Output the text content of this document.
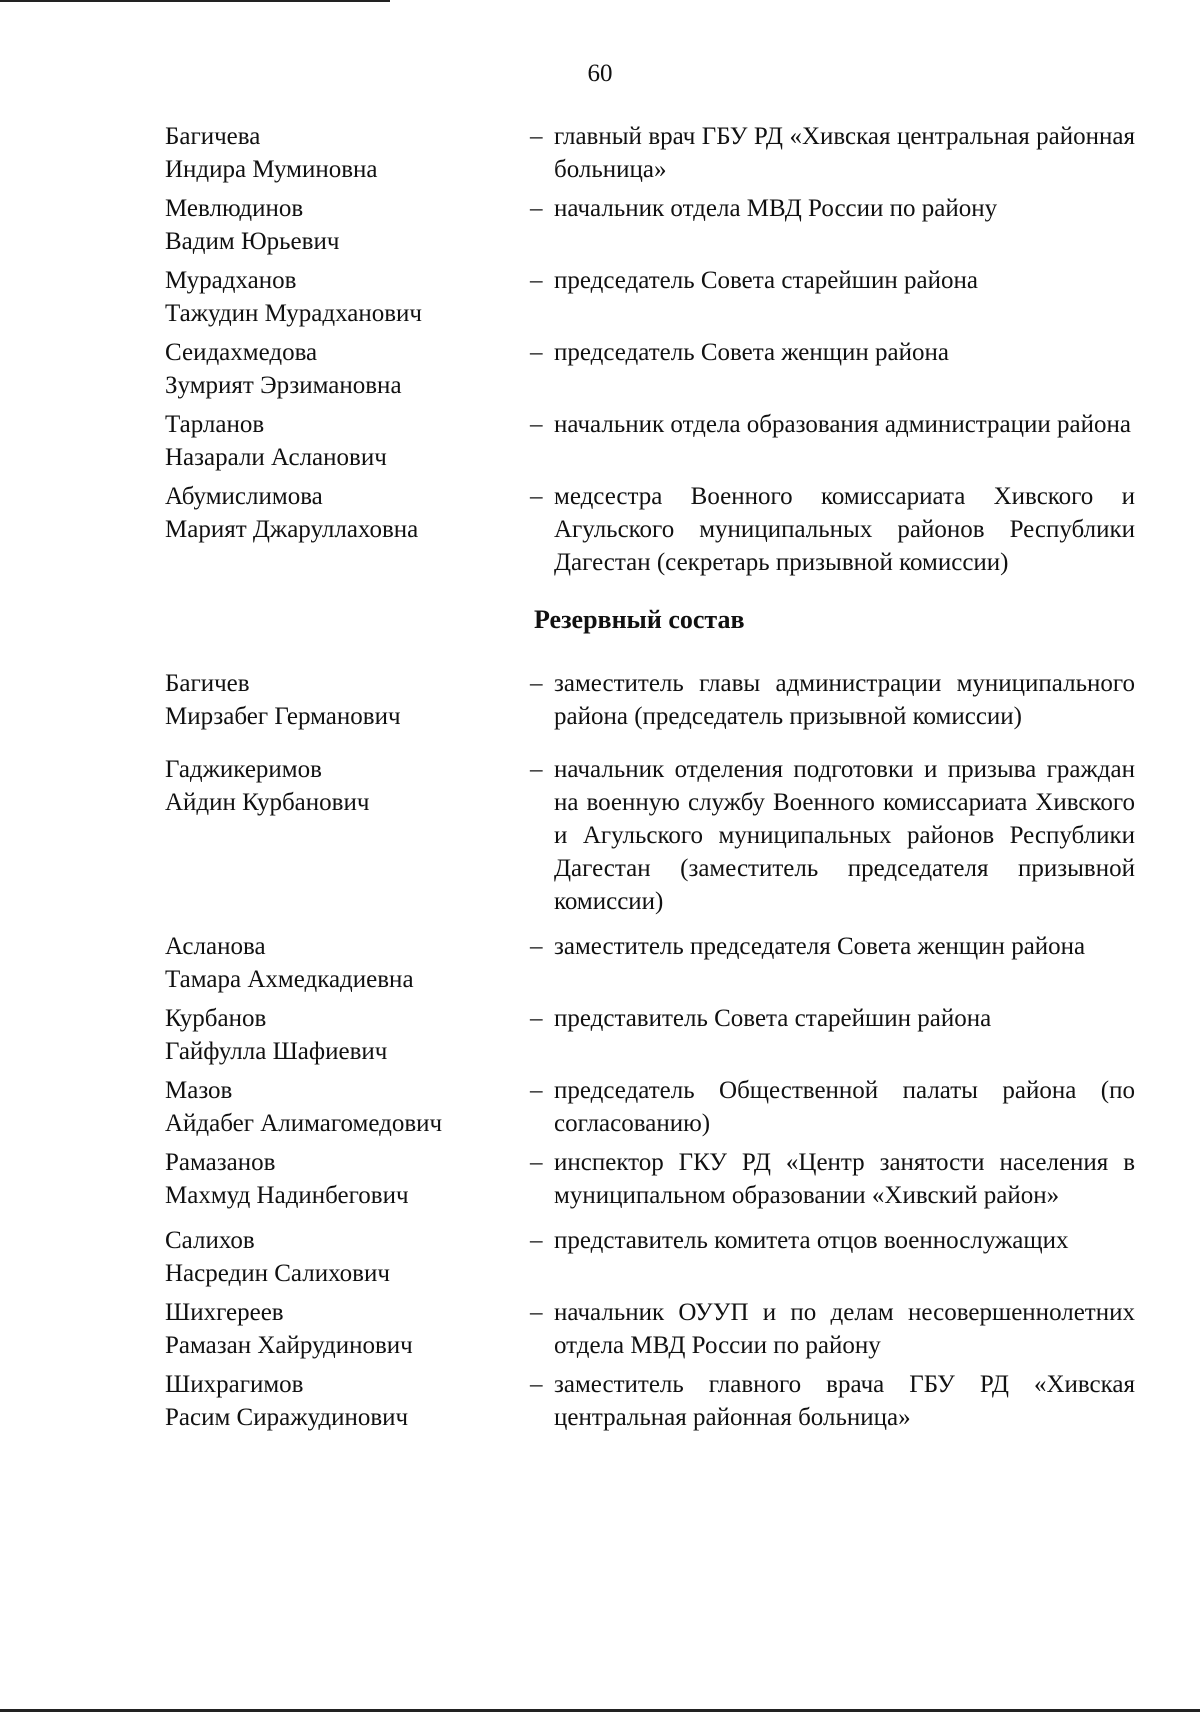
60
Багичева
Индира Муминовна
– главный врач ГБУ РД «Хивская центральная районная больница»
Мевлюдинов
Вадим Юрьевич
– начальник отдела МВД России по району
Мурадханов
Тажудин Мурадханович
– председатель Совета старейшин района
Сеидахмедова
Зумрият Эрзимановна
– председатель Совета женщин района
Тарланов
Назарали Асланович
– начальник отдела образования администрации района
Абумислимова
Марият Джаруллаховна
– медсестра Военного комиссариата Хивского и Агульского муниципальных районов Республики Дагестан (секретарь призывной комиссии)
Резервный состав
Багичев
Мирзабег Германович
– заместитель главы администрации муниципального района (председатель призывной комиссии)
Гаджикеримов
Айдин Курбанович
– начальник отделения подготовки и призыва граждан на военную службу Военного комиссариата Хивского и Агульского муниципальных районов Республики Дагестан (заместитель председателя призывной комиссии)
Асланова
Тамара Ахмедкадиевна
– заместитель председателя Совета женщин района
Курбанов
Гайфулла Шафиевич
– представитель Совета старейшин района
Мазов
Айдабег Алимагомедович
– председатель Общественной палаты района (по согласованию)
Рамазанов
Махмуд Надинбегович
– инспектор ГКУ РД «Центр занятости населения в муниципальном образовании «Хивский район»
Салихов
Насредин Салихович
– представитель комитета отцов военнослужащих
Шихгереев
Рамазан Хайрудинович
– начальник ОУУП и по делам несовершеннолетних отдела МВД России по району
Шихрагимов
Расим Сиражудинович
– заместитель главного врача ГБУ РД «Хивская центральная районная больница»
